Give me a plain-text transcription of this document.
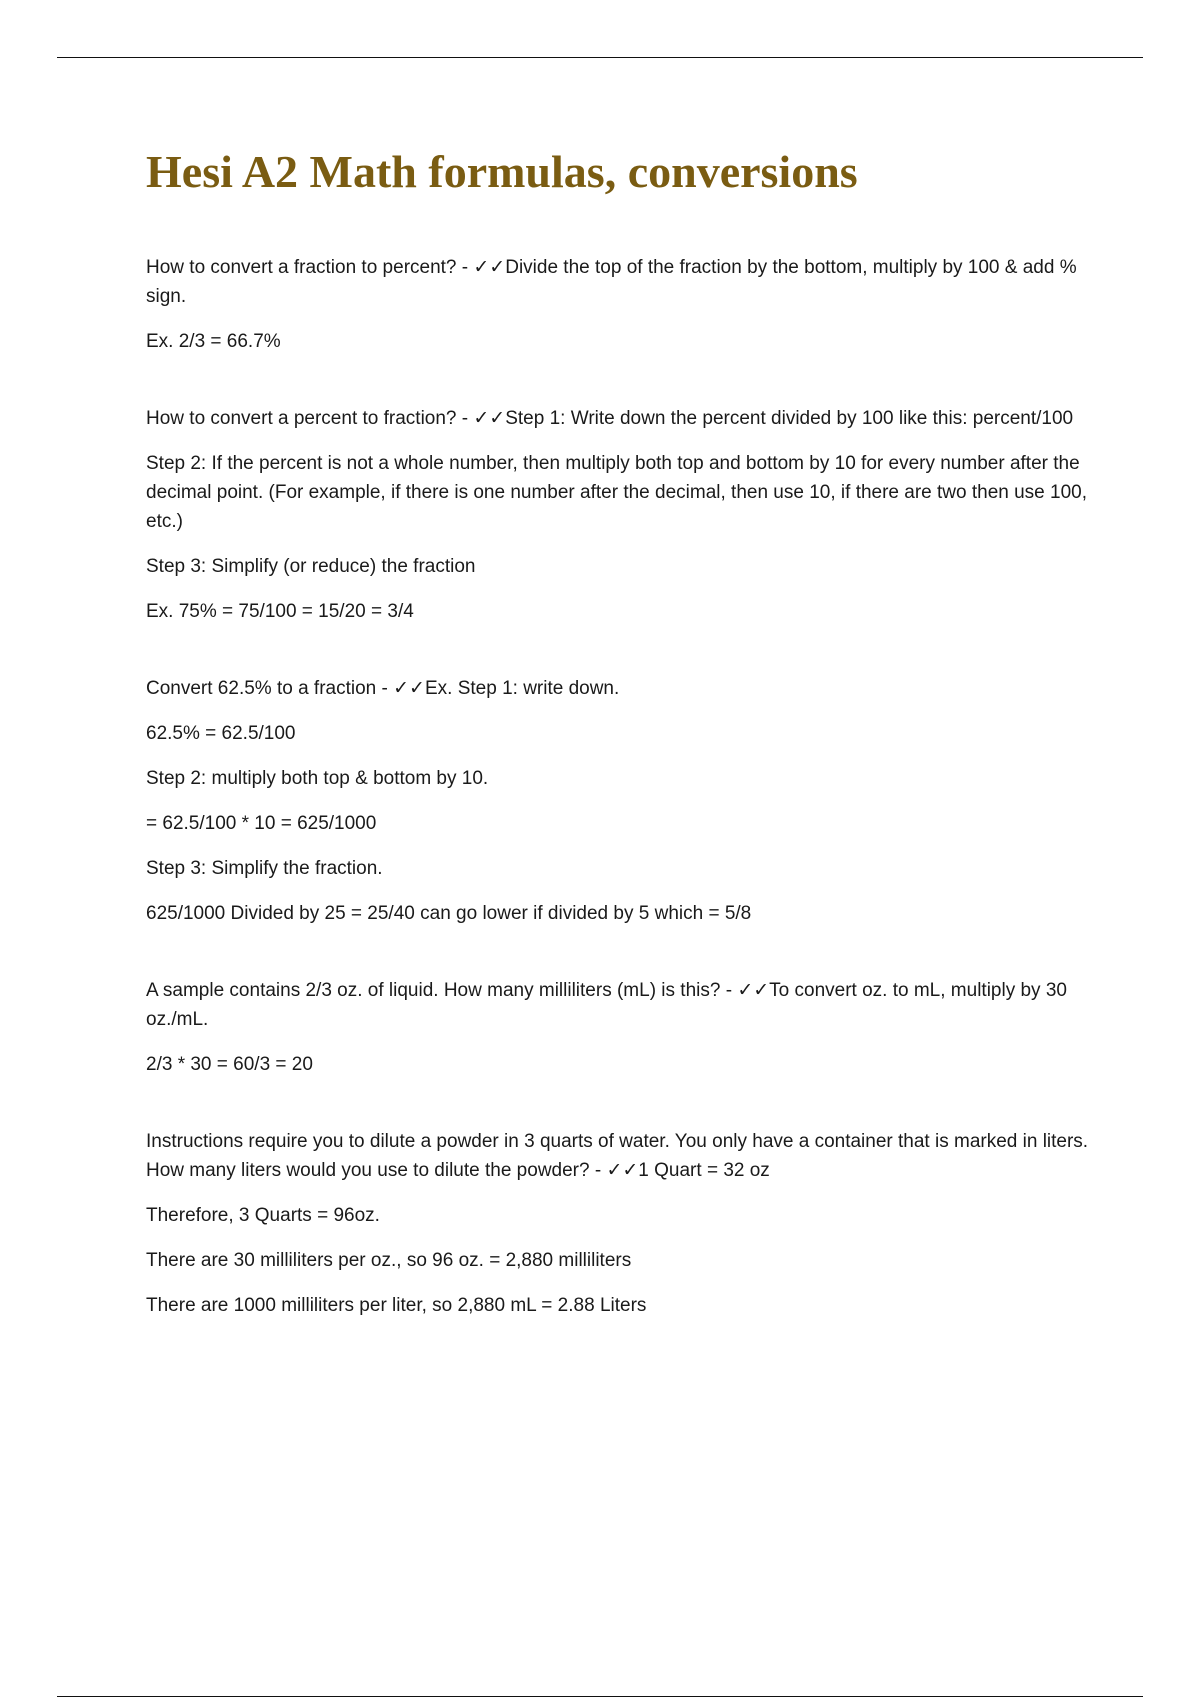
Hesi A2 Math formulas, conversions

How to convert a fraction to percent? - ✓✓Divide the top of the fraction by the bottom, multiply by 100 & add % sign.

Ex. 2/3 = 66.7%

How to convert a percent to fraction? - ✓✓Step 1: Write down the percent divided by 100 like this: percent/100

Step 2: If the percent is not a whole number, then multiply both top and bottom by 10 for every number after the decimal point. (For example, if there is one number after the decimal, then use 10, if there are two then use 100, etc.)

Step 3: Simplify (or reduce) the fraction

Ex. 75% = 75/100 = 15/20 = 3/4

Convert 62.5% to a fraction - ✓✓Ex. Step 1: write down.

62.5% = 62.5/100

Step 2: multiply both top & bottom by 10.

= 62.5/100 * 10 = 625/1000

Step 3: Simplify the fraction.

625/1000 Divided by 25 = 25/40 can go lower if divided by 5 which = 5/8

A sample contains 2/3 oz. of liquid. How many milliliters (mL) is this? - ✓✓To convert oz. to mL, multiply by 30 oz./mL.

2/3 * 30 = 60/3 = 20

Instructions require you to dilute a powder in 3 quarts of water. You only have a container that is marked in liters. How many liters would you use to dilute the powder? - ✓✓1 Quart = 32 oz

Therefore, 3 Quarts = 96oz.

There are 30 milliliters per oz., so 96 oz. = 2,880 milliliters

There are 1000 milliliters per liter, so 2,880 mL = 2.88 Liters
